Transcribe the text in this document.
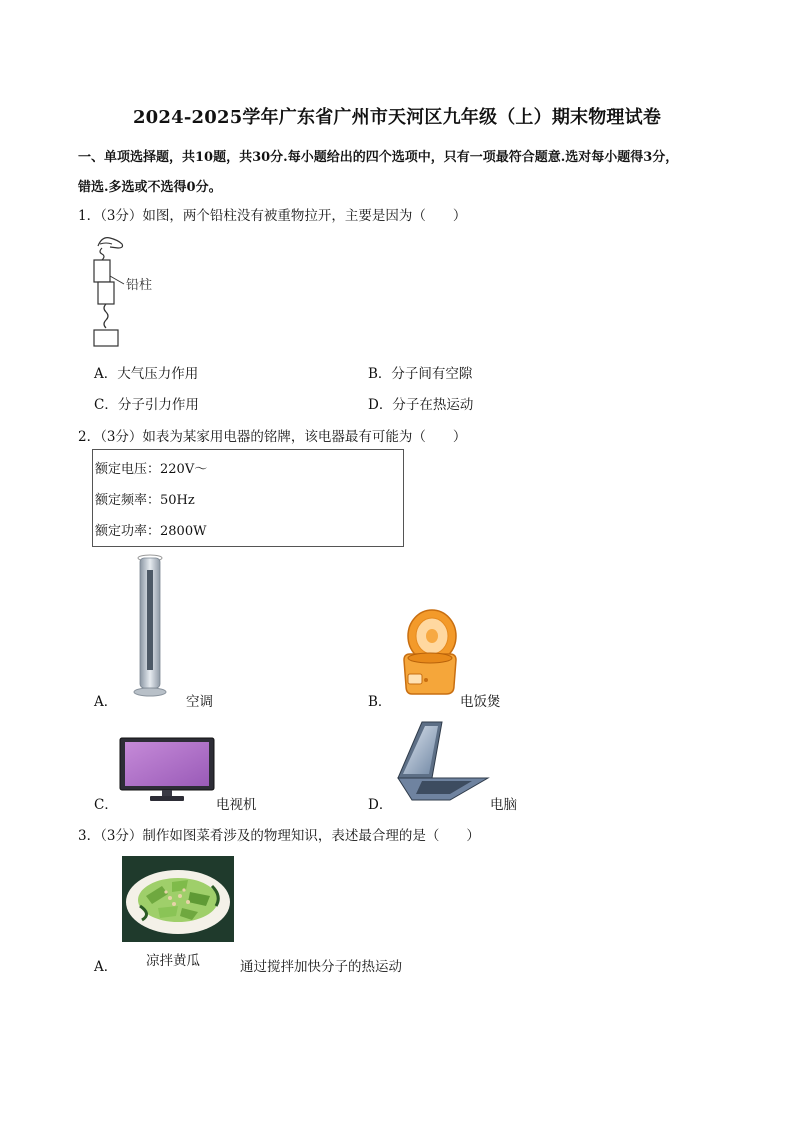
2024-2025学年广东省广州市天河区九年级（上）期末物理试卷
一、单项选择题，共10题，共30分.每小题给出的四个选项中，只有一项最符合题意.选对每小题得3分，
错选.多选或不选得0分。
1．（3分）如图，两个铅柱没有被重物拉开，主要是因为（　　）
铅柱
A．大气压力作用	B．分子间有空隙
C．分子引力作用	D．分子在热运动
2．（3分）如表为某家用电器的铭牌，该电器最有可能为（　　）
额定电压：220V～
额定频率：50Hz
额定功率：2800W
A．	空调	B．	电饭煲
C．	电视机	D．	电脑
3．（3分）制作如图菜肴涉及的物理知识，表述最合理的是（　　）
A． 凉拌黄瓜	通过搅拌加快分子的热运动
